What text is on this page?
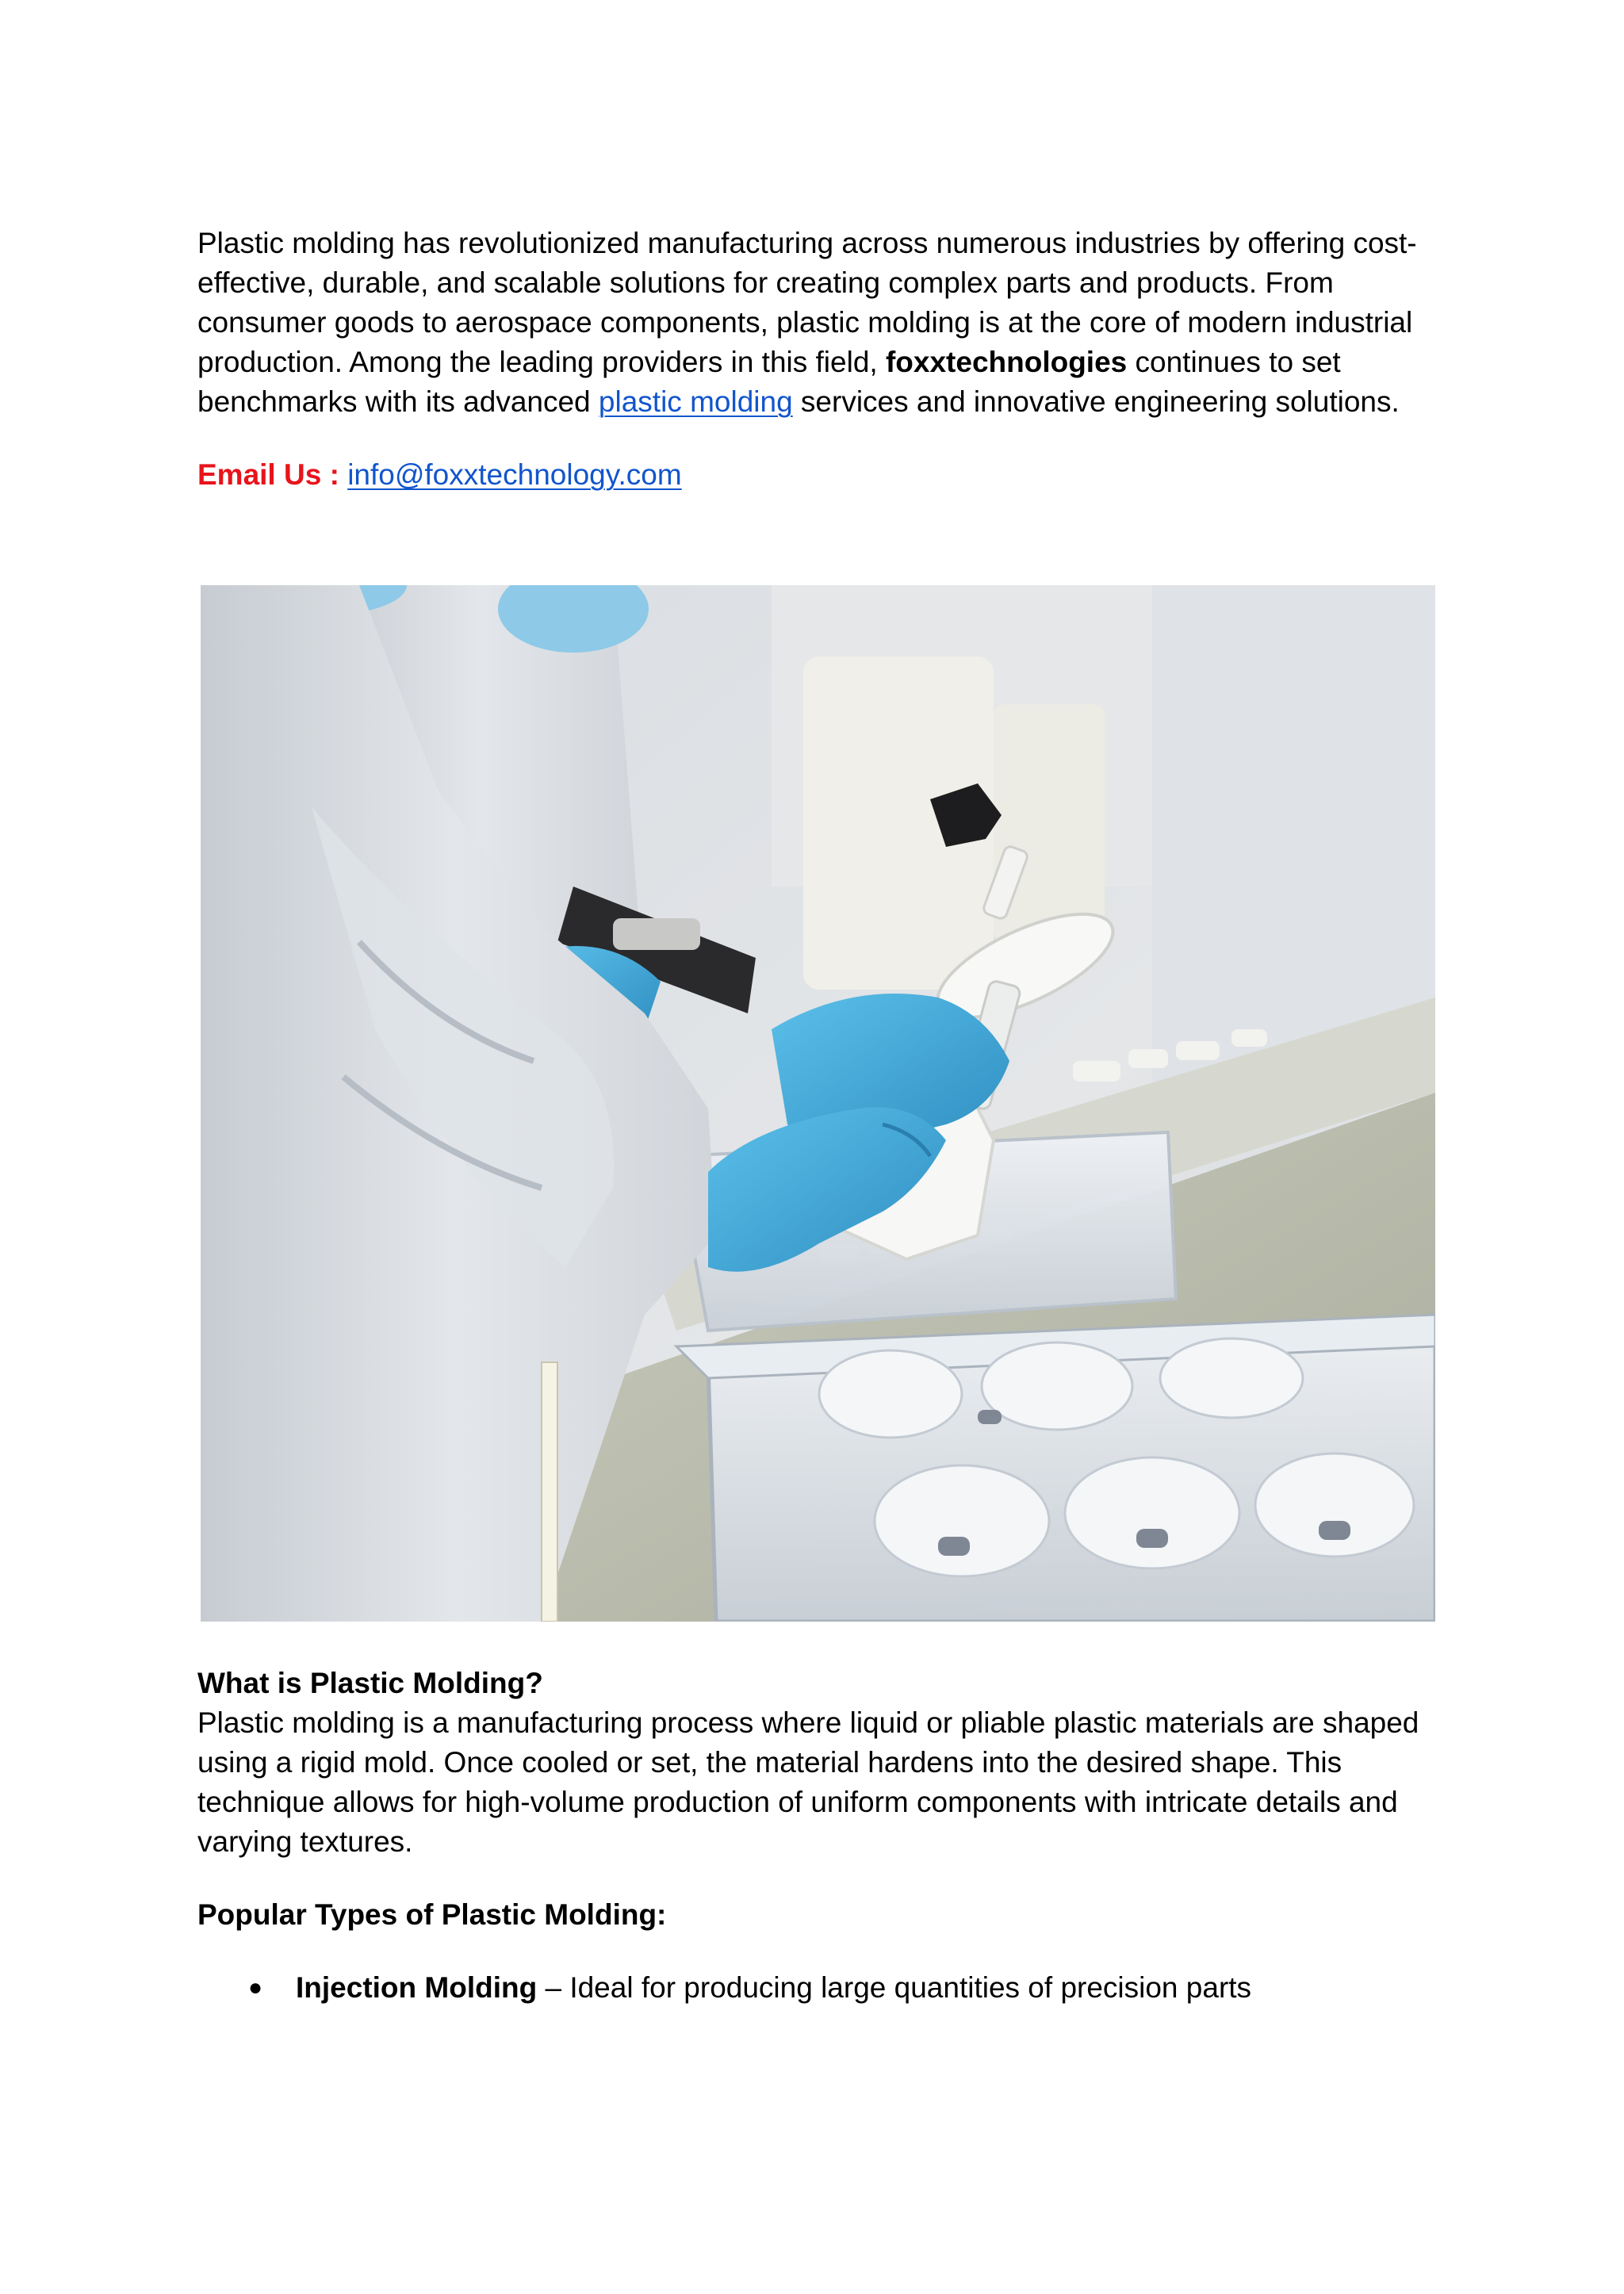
Plastic molding has revolutionized manufacturing across numerous industries by offering cost-effective, durable, and scalable solutions for creating complex parts and products. From consumer goods to aerospace components, plastic molding is at the core of modern industrial production. Among the leading providers in this field, foxxtechnologies continues to set benchmarks with its advanced plastic molding services and innovative engineering solutions.

Email Us : info@foxxtechnology.com

What is Plastic Molding?

Plastic molding is a manufacturing process where liquid or pliable plastic materials are shaped using a rigid mold. Once cooled or set, the material hardens into the desired shape. This technique allows for high-volume production of uniform components with intricate details and varying textures.

Popular Types of Plastic Molding:

● Injection Molding – Ideal for producing large quantities of precision parts
